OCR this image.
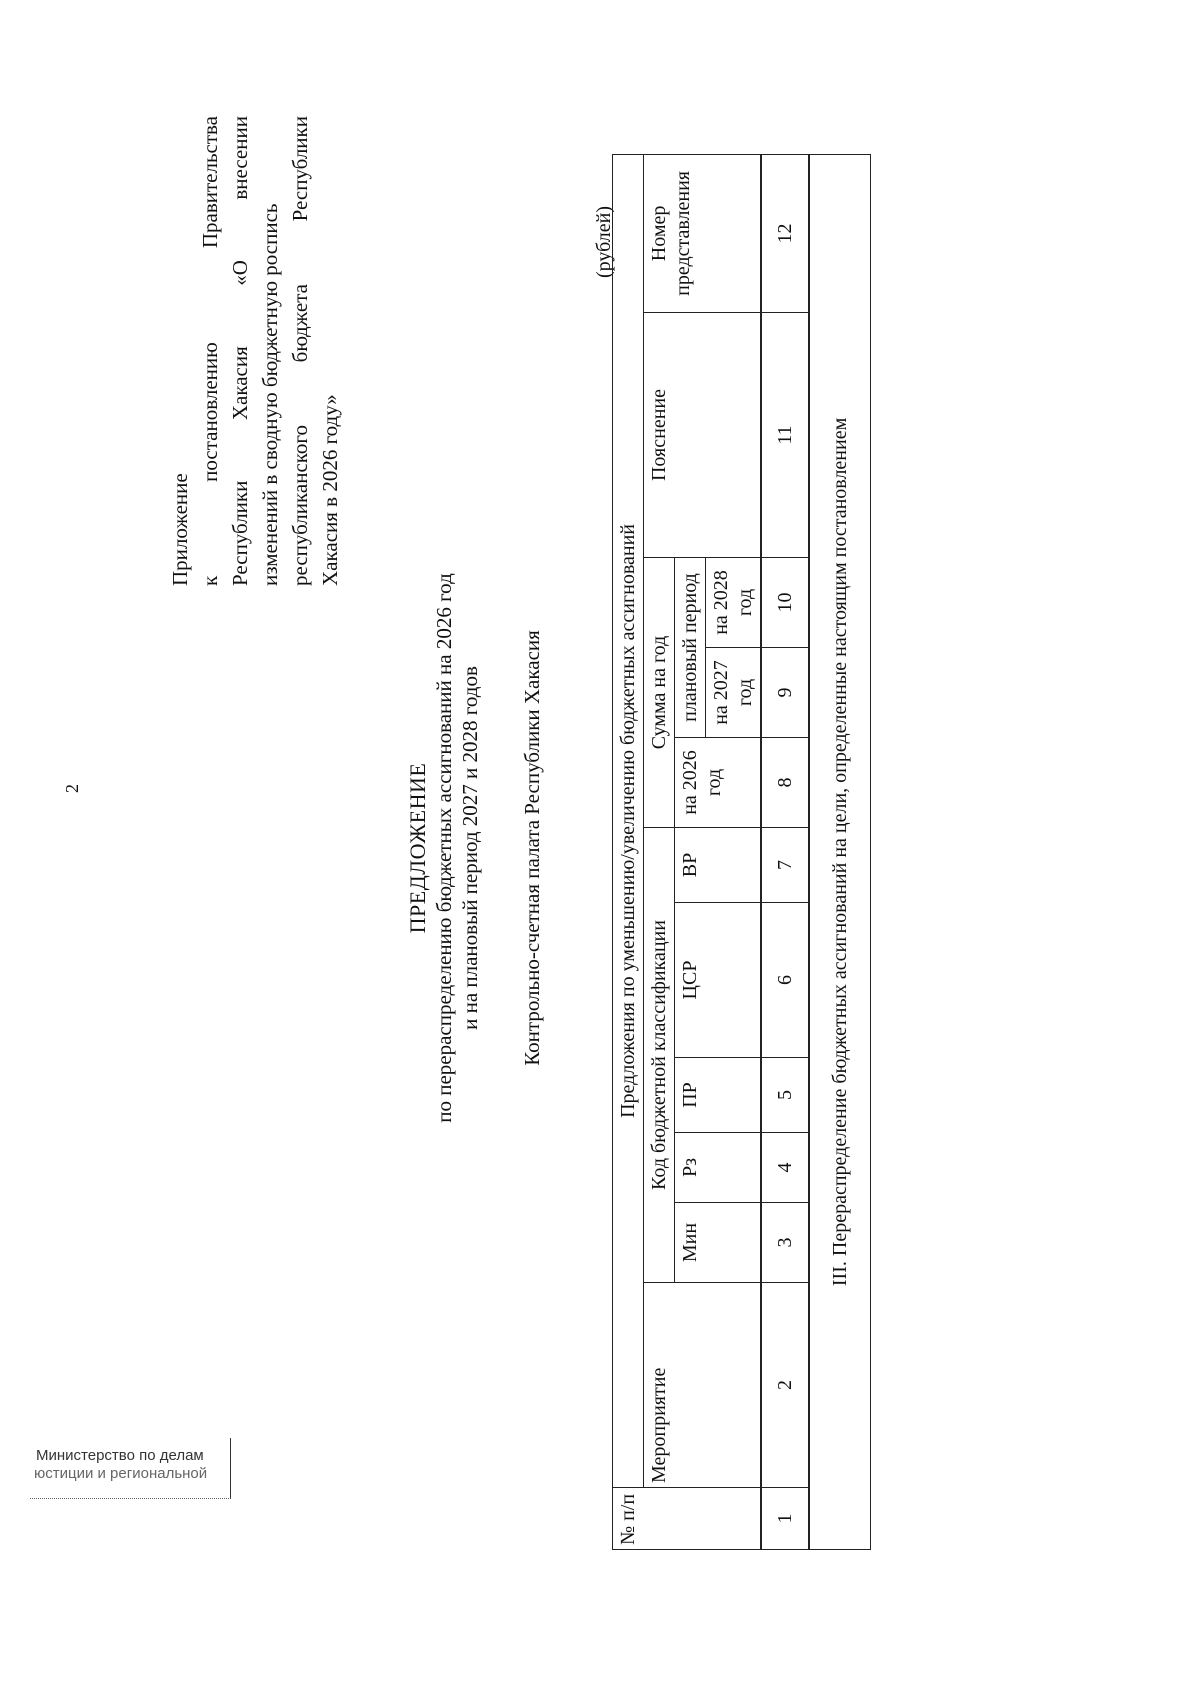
2
Приложение к
постановлению
Правительства
Республики
Хакасия
«О
внесении
изменений в сводную бюджетную роспись республиканского
бюджета
Республики
Хакасия в 2026 году»
ПРЕДЛОЖЕНИЕ по перераспределению бюджетных ассигнований на 2026 год и на плановый период 2027 и 2028 годов Контрольно-счетная палата Республики Хакасия
(рублей)
№ п/п	Предложения по уменьшению/увеличению бюджетных ассигнований										
	Мероприятие	Код бюджетной классификации					Сумма на год			Пояснение	Номер представления
		Мин	Рз	ПР	ЦСР	ВР	на 2026 год	плановый период			
								на 2027 год	на 2028 год		
1	2	3	4	5	6	7	8	9	10	11	12
III. Перераспределение бюджетных ассигнований на цели, определенные настоящим постановлением											
Министерство по делам
юстиции и региональной
